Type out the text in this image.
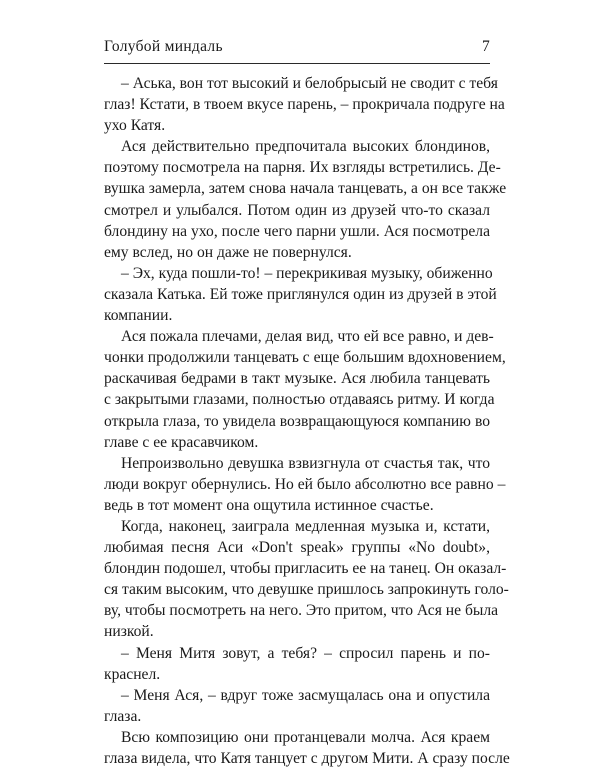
Голубой миндаль	7
– Аська, вон тот высокий и белобрысый не сводит с тебя
глаз! Кстати, в твоем вкусе парень, – прокричала подруге на
ухо Катя.
Ася действительно предпочитала высоких блондинов,
поэтому посмотрела на парня. Их взгляды встретились. Де-
вушка замерла, затем снова начала танцевать, а он все также
смотрел и улыбался. Потом один из друзей что-то сказал
блондину на ухо, после чего парни ушли. Ася посмотрела
ему вслед, но он даже не повернулся.
– Эх, куда пошли-то! – перекрикивая музыку, обиженно
сказала Катька. Ей тоже приглянулся один из друзей в этой
компании.
Ася пожала плечами, делая вид, что ей все равно, и дев-
чонки продолжили танцевать с еще большим вдохновением,
раскачивая бедрами в такт музыке. Ася любила танцевать
с закрытыми глазами, полностью отдаваясь ритму. И когда
открыла глаза, то увидела возвращающуюся компанию во
главе с ее красавчиком.
Непроизвольно девушка взвизгнула от счастья так, что
люди вокруг обернулись. Но ей было абсолютно все равно –
ведь в тот момент она ощутила истинное счастье.
Когда, наконец, заиграла медленная музыка и, кстати,
любимая песня Аси «Don't speak» группы «No doubt»,
блондин подошел, чтобы пригласить ее на танец. Он оказал-
ся таким высоким, что девушке пришлось запрокинуть голо-
ву, чтобы посмотреть на него. Это притом, что Ася не была
низкой.
– Меня Митя зовут, а тебя? – спросил парень и по-
краснел.
– Меня Ася, – вдруг тоже засмущалась она и опустила
глаза.
Всю композицию они протанцевали молча. Ася краем
глаза видела, что Катя танцует с другом Мити. А сразу после
